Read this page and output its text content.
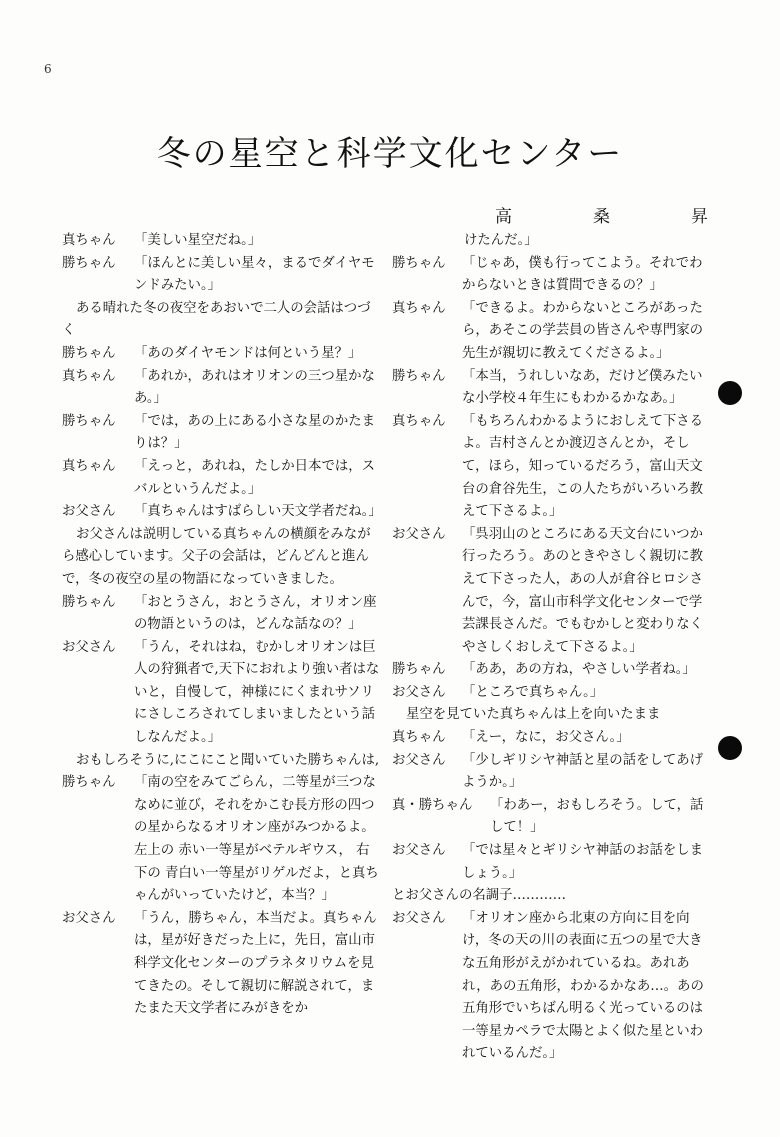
6
冬の星空と科学文化センター
高　桑　昇
真ちゃん	「美しい星空だね。」
勝ちゃん	「ほんとに美しい星々，まるでダイヤモンドみたい。」
ある晴れた冬の夜空をあおいで二人の会話はつづく
勝ちゃん	「あのダイヤモンドは何という星？」
真ちゃん	「あれか，あれはオリオンの三つ星かなあ。」
勝ちゃん	「では，あの上にある小さな星のかたまりは？」
真ちゃん	「えっと，あれね，たしか日本では，スバルというんだよ。」
お父さん	「真ちゃんはすばらしい天文学者だね。」
お父さんは説明している真ちゃんの横顔をみながら感心しています。父子の会話は，どんどんと進んで，冬の夜空の星の物語になっていきました。
勝ちゃん	「おとうさん，おとうさん，オリオン座の物語というのは，どんな話なの？」
お父さん	「うん，それはね，むかしオリオンは巨人の狩猟者で,天下におれより強い者はないと，自慢して，神様ににくまれサソリにさしころされてしまいましたという話しなんだよ。」
おもしろそうに,にこにこと聞いていた勝ちゃんは,
勝ちゃん	「南の空をみてごらん，二等星が三つななめに並び，それをかこむ長方形の四つの星からなるオリオン座がみつかるよ。 左上の 赤い一等星がベテルギウス， 右下の 青白い一等星がリゲルだよ，と真ちゃんがいっていたけど，本当？」
お父さん	「うん，勝ちゃん，本当だよ。真ちゃんは，星が好きだった上に，先日，富山市科学文化センターのプラネタリウムを見てきたの。そして親切に解説されて，またまた天文学者にみがきをか
けたんだ。」
勝ちゃん	「じゃあ，僕も行ってこよう。それでわからないときは質問できるの？」
真ちゃん	「できるよ。わからないところがあったら，あそこの学芸員の皆さんや専門家の先生が親切に教えてくださるよ。」
勝ちゃん	「本当，うれしいなあ，だけど僕みたいな小学校４年生にもわかるかなあ。」
真ちゃん	「もちろんわかるようにおしえて下さるよ。吉村さんとか渡辺さんとか，そして，ほら，知っているだろう，富山天文台の倉谷先生，この人たちがいろいろ教えて下さるよ。」
お父さん	「呉羽山のところにある天文台にいつか行ったろう。あのときやさしく親切に教えて下さった人，あの人が倉谷ヒロシさんで，今，富山市科学文化センターで学芸課長さんだ。でもむかしと変わりなくやさしくおしえて下さるよ。」
勝ちゃん	「ああ，あの方ね，やさしい学者ね。」
お父さん	「ところで真ちゃん。」
星空を見ていた真ちゃんは上を向いたまま
真ちゃん	「えー，なに，お父さん。」
お父さん	「少しギリシヤ神話と星の話をしてあげようか。」
真・勝ちゃん	「わあー，おもしろそう。して，話して！」
お父さん	「では星々とギリシヤ神話のお話をしましょう。」
とお父さんの名調子…………
お父さん	「オリオン座から北東の方向に目を向け，冬の天の川の表面に五つの星で大きな五角形がえがかれているね。あれあれ，あの五角形，わかるかなあ…。あの五角形でいちばん明るく光っているのは一等星カペラで太陽とよく似た星といわれているんだ。」
